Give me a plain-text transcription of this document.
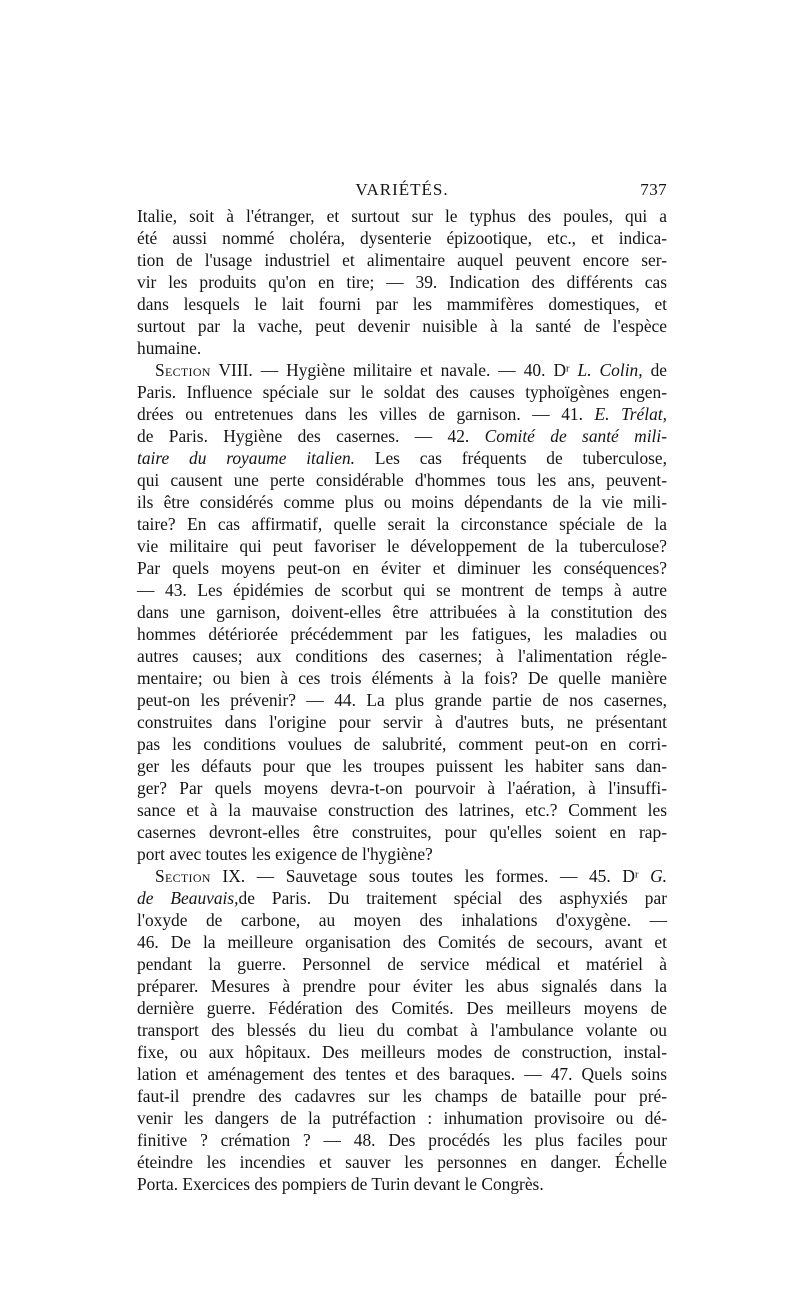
VARIÉTÉS.	737
Italie, soit à l'étranger, et surtout sur le typhus des poules, qui a
été aussi nommé choléra, dysenterie épizootique, etc., et indica-
tion de l'usage industriel et alimentaire auquel peuvent encore ser-
vir les produits qu'on en tire; — 39. Indication des différents cas
dans lesquels le lait fourni par les mammifères domestiques, et
surtout par la vache, peut devenir nuisible à la santé de l'espèce
humaine.
Section VIII. — Hygiène militaire et navale. — 40. $D^r$ L. Colin, de
Paris. Influence spéciale sur le soldat des causes typhoïgènes engen-
drées ou entretenues dans les villes de garnison. — 41. E. Trélat,
de Paris. Hygiène des casernes. — 42. Comité de santé mili-
taire du royaume italien. Les cas fréquents de tuberculose,
qui causent une perte considérable d'hommes tous les ans, peuvent-
ils être considérés comme plus ou moins dépendants de la vie mili-
taire? En cas affirmatif, quelle serait la circonstance spéciale de la
vie militaire qui peut favoriser le développement de la tuberculose?
Par quels moyens peut-on en éviter et diminuer les conséquences?
— 43. Les épidémies de scorbut qui se montrent de temps à autre
dans une garnison, doivent-elles être attribuées à la constitution des
hommes détériorée précédemment par les fatigues, les maladies ou
autres causes; aux conditions des casernes; à l'alimentation régle-
mentaire; ou bien à ces trois éléments à la fois? De quelle manière
peut-on les prévenir? — 44. La plus grande partie de nos casernes,
construites dans l'origine pour servir à d'autres buts, ne présentant
pas les conditions voulues de salubrité, comment peut-on en corri-
ger les défauts pour que les troupes puissent les habiter sans dan-
ger? Par quels moyens devra-t-on pourvoir à l'aération, à l'insuffi-
sance et à la mauvaise construction des latrines, etc.? Comment les
casernes devront-elles être construites, pour qu'elles soient en rap-
port avec toutes les exigence de l'hygiène?
Section IX. — Sauvetage sous toutes les formes. — 45. $D^r$ G.
de Beauvais,de Paris. Du traitement spécial des asphyxiés par
l'oxyde de carbone, au moyen des inhalations d'oxygène. —
46. De la meilleure organisation des Comités de secours, avant et
pendant la guerre. Personnel de service médical et matériel à
préparer. Mesures à prendre pour éviter les abus signalés dans la
dernière guerre. Fédération des Comités. Des meilleurs moyens de
transport des blessés du lieu du combat à l'ambulance volante ou
fixe, ou aux hôpitaux. Des meilleurs modes de construction, instal-
lation et aménagement des tentes et des baraques. — 47. Quels soins
faut-il prendre des cadavres sur les champs de bataille pour pré-
venir les dangers de la putréfaction : inhumation provisoire ou dé-
finitive ? crémation ? — 48. Des procédés les plus faciles pour
éteindre les incendies et sauver les personnes en danger. Échelle
Porta. Exercices des pompiers de Turin devant le Congrès.
